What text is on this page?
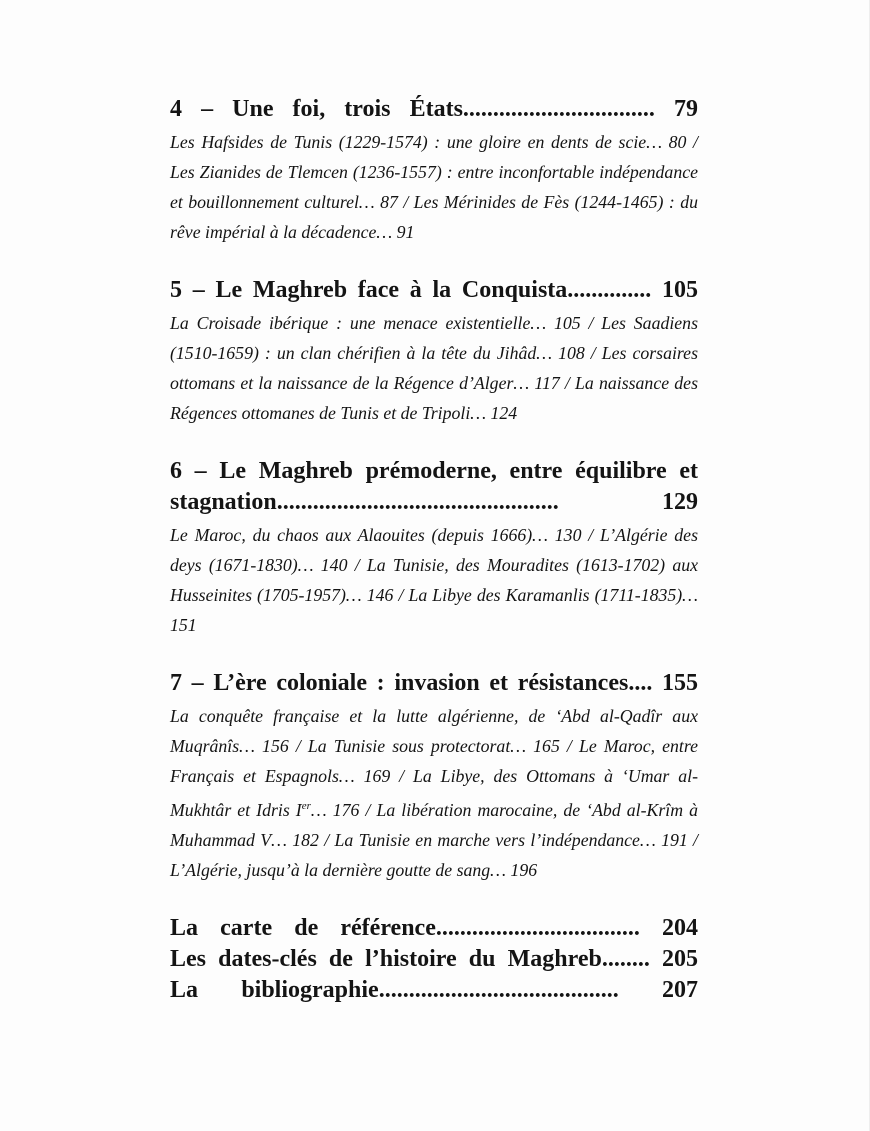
4 – Une foi, trois États................................ 79
Les Hafsides de Tunis (1229-1574) : une gloire en dents de scie… 80 / Les Zianides de Tlemcen (1236-1557) : entre inconfortable indépendance et bouillonnement culturel… 87 / Les Mérinides de Fès (1244-1465) : du rêve impérial à la décadence… 91
5 – Le Maghreb face à la Conquista.............. 105
La Croisade ibérique : une menace existentielle… 105 / Les Saadiens (1510-1659) : un clan chérifien à la tête du Jihâd… 108 / Les corsaires ottomans et la naissance de la Régence d’Alger… 117 / La naissance des Régences ottomanes de Tunis et de Tripoli… 124
6 – Le Maghreb prémoderne, entre équilibre et
stagnation............................................... 129
Le Maroc, du chaos aux Alaouites (depuis 1666)… 130 / L’Algérie des deys (1671-1830)… 140 / La Tunisie, des Mouradites (1613-1702) aux Husseinites (1705-1957)… 146 / La Libye des Karamanlis (1711-1835)… 151
7 – L’ère coloniale : invasion et résistances.... 155
La conquête française et la lutte algérienne, de ‘Abd al-Qadîr aux Muqrânîs… 156 / La Tunisie sous protectorat… 165 / Le Maroc, entre Français et Espagnols… 169 / La Libye, des Ottomans à ‘Umar al-Mukhtâr et Idris Ier… 176 / La libération marocaine, de ‘Abd al-Krîm à Muhammad V… 182 / La Tunisie en marche vers l’indépendance… 191 / L’Algérie, jusqu’à la dernière goutte de sang… 196
La carte de référence.................................. 204
Les dates-clés de l’histoire du Maghreb........ 205
La bibliographie........................................ 207
